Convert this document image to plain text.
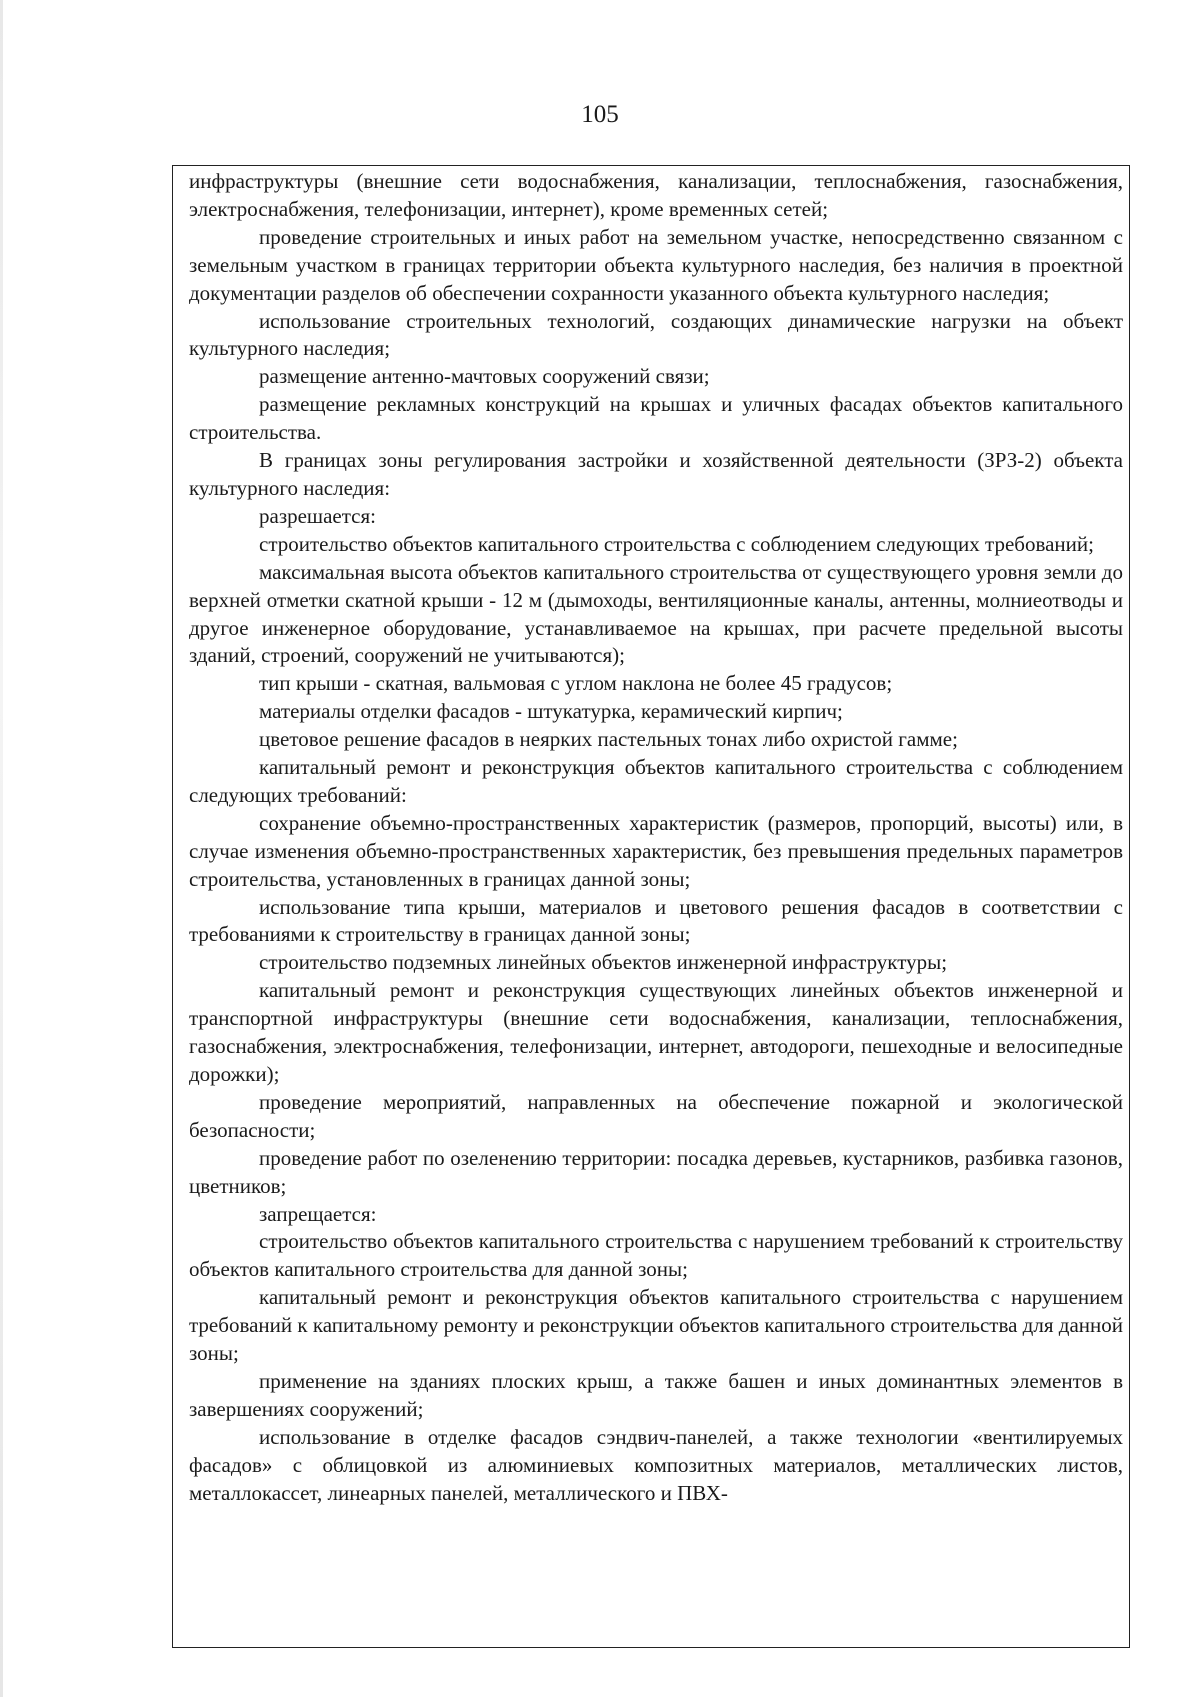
105

инфраструктуры (внешние сети водоснабжения, канализации, теплоснабжения, газоснабжения, электроснабжения, телефонизации, интернет), кроме временных сетей;

проведение строительных и иных работ на земельном участке, непосредственно связанном с земельным участком в границах территории объекта культурного наследия, без наличия в проектной документации разделов об обеспечении сохранности указанного объекта культурного наследия;

использование строительных технологий, создающих динамические нагрузки на объект культурного наследия;

размещение антенно-мачтовых сооружений связи;

размещение рекламных конструкций на крышах и уличных фасадах объектов капитального строительства.

В границах зоны регулирования застройки и хозяйственной деятельности (ЗРЗ-2) объекта культурного наследия:

разрешается:

строительство объектов капитального строительства с соблюдением следующих требований;

максимальная высота объектов капитального строительства от существующего уровня земли до верхней отметки скатной крыши - 12 м (дымоходы, вентиляционные каналы, антенны, молниеотводы и другое инженерное оборудование, устанавливаемое на крышах, при расчете предельной высоты зданий, строений, сооружений не учитываются);

тип крыши - скатная, вальмовая с углом наклона не более 45 градусов;

материалы отделки фасадов - штукатурка, керамический кирпич;

цветовое решение фасадов в неярких пастельных тонах либо охристой гамме;

капитальный ремонт и реконструкция объектов капитального строительства с соблюдением следующих требований:

сохранение объемно-пространственных характеристик (размеров, пропорций, высоты) или, в случае изменения объемно-пространственных характеристик, без превышения предельных параметров строительства, установленных в границах данной зоны;

использование типа крыши, материалов и цветового решения фасадов в соответствии с требованиями к строительству в границах данной зоны;

строительство подземных линейных объектов инженерной инфраструктуры;

капитальный ремонт и реконструкция существующих линейных объектов инженерной и транспортной инфраструктуры (внешние сети водоснабжения, канализации, теплоснабжения, газоснабжения, электроснабжения, телефонизации, интернет, автодороги, пешеходные и велосипедные дорожки);

проведение мероприятий, направленных на обеспечение пожарной и экологической безопасности;

проведение работ по озеленению территории: посадка деревьев, кустарников, разбивка газонов, цветников;

запрещается:

строительство объектов капитального строительства с нарушением требований к строительству объектов капитального строительства для данной зоны;

капитальный ремонт и реконструкция объектов капитального строительства с нарушением требований к капитальному ремонту и реконструкции объектов капитального строительства для данной зоны;

применение на зданиях плоских крыш, а также башен и иных доминантных элементов в завершениях сооружений;

использование в отделке фасадов сэндвич-панелей, а также технологии «вентилируемых фасадов» с облицовкой из алюминиевых композитных материалов, металлических листов, металлокассет, линеарных панелей, металлического и ПВХ-
